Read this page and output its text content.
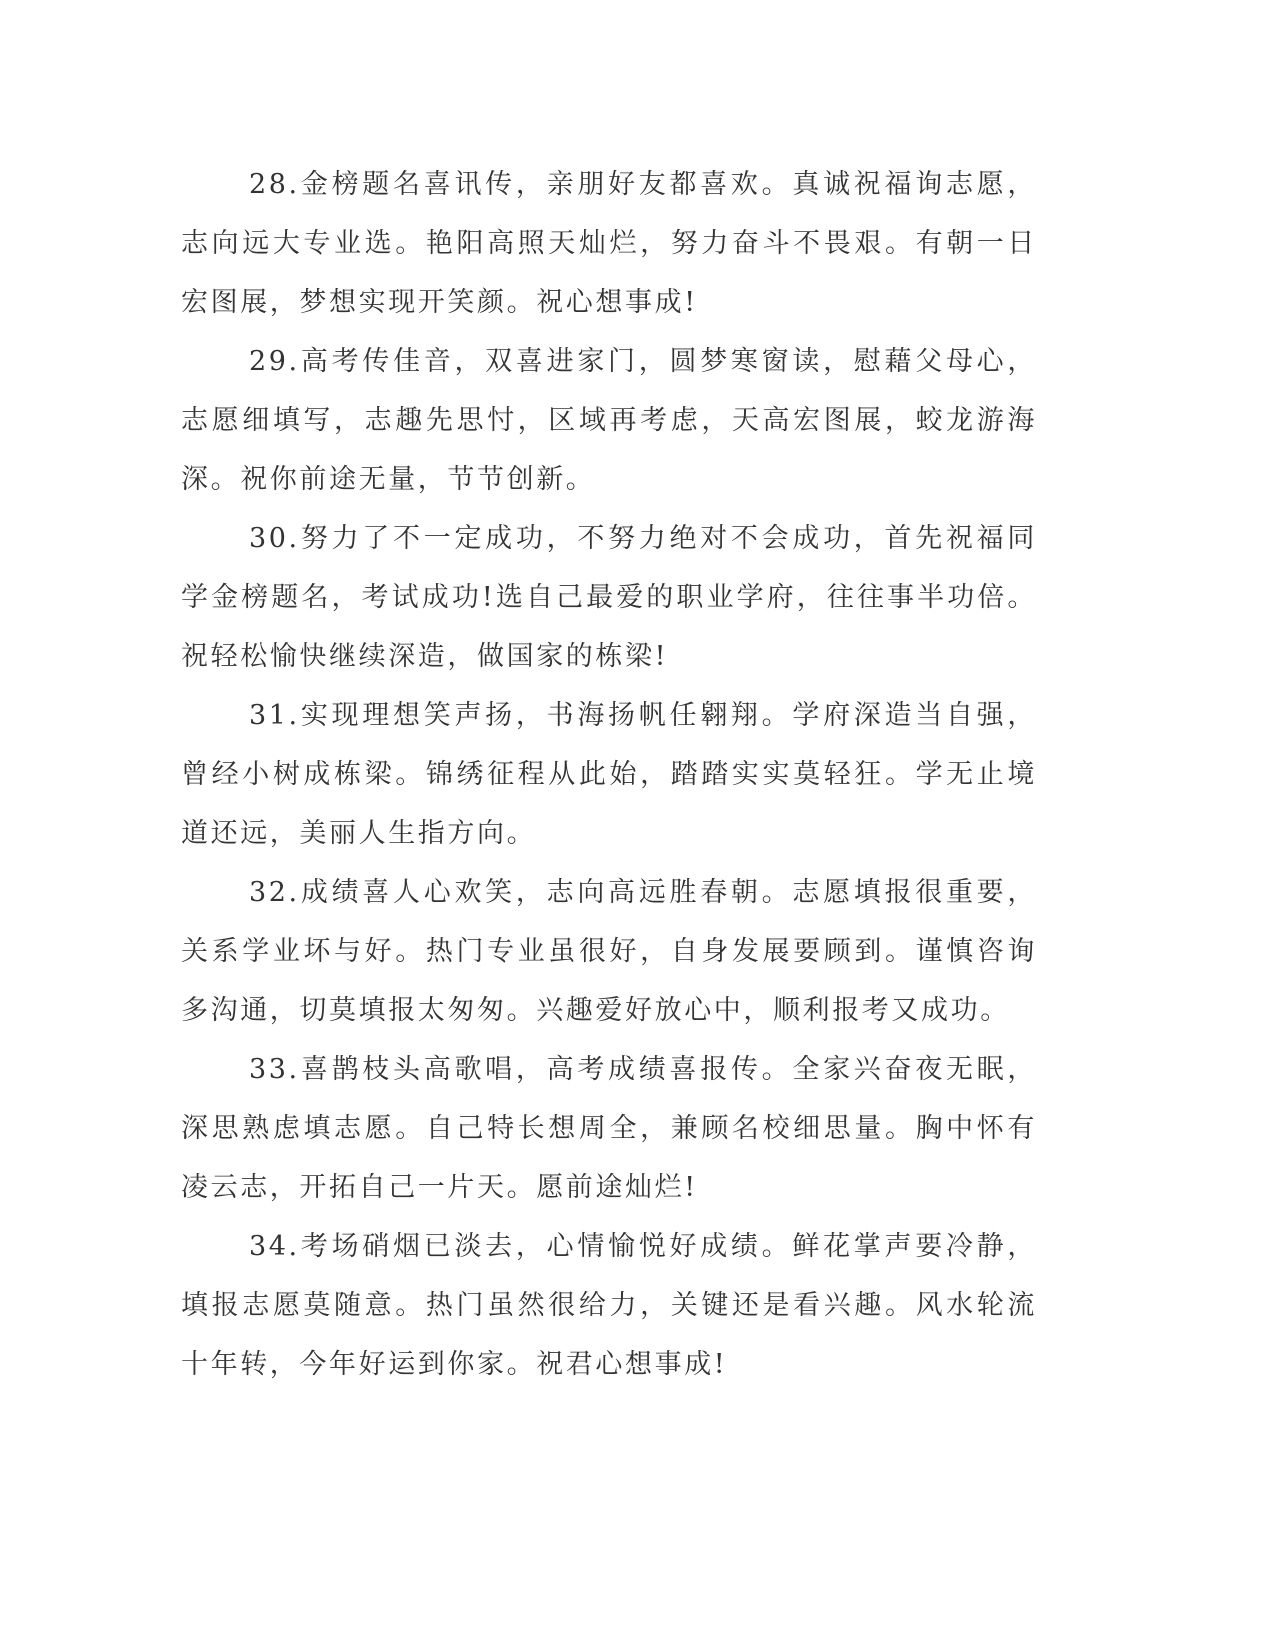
28.金榜题名喜讯传，亲朋好友都喜欢。真诚祝福询志愿，志向远大专业选。艳阳高照天灿烂，努力奋斗不畏艰。有朝一日宏图展，梦想实现开笑颜。祝心想事成!

29.高考传佳音，双喜进家门，圆梦寒窗读，慰藉父母心，志愿细填写，志趣先思忖，区域再考虑，天高宏图展，蛟龙游海深。祝你前途无量，节节创新。

30.努力了不一定成功，不努力绝对不会成功，首先祝福同学金榜题名，考试成功!选自己最爱的职业学府，往往事半功倍。祝轻松愉快继续深造，做国家的栋梁!

31.实现理想笑声扬，书海扬帆任翱翔。学府深造当自强，曾经小树成栋梁。锦绣征程从此始，踏踏实实莫轻狂。学无止境道还远，美丽人生指方向。

32.成绩喜人心欢笑，志向高远胜春朝。志愿填报很重要，关系学业坏与好。热门专业虽很好，自身发展要顾到。谨慎咨询多沟通，切莫填报太匆匆。兴趣爱好放心中，顺利报考又成功。

33.喜鹊枝头高歌唱，高考成绩喜报传。全家兴奋夜无眠，深思熟虑填志愿。自己特长想周全，兼顾名校细思量。胸中怀有凌云志，开拓自己一片天。愿前途灿烂!

34.考场硝烟已淡去，心情愉悦好成绩。鲜花掌声要冷静，填报志愿莫随意。热门虽然很给力，关键还是看兴趣。风水轮流十年转，今年好运到你家。祝君心想事成!
